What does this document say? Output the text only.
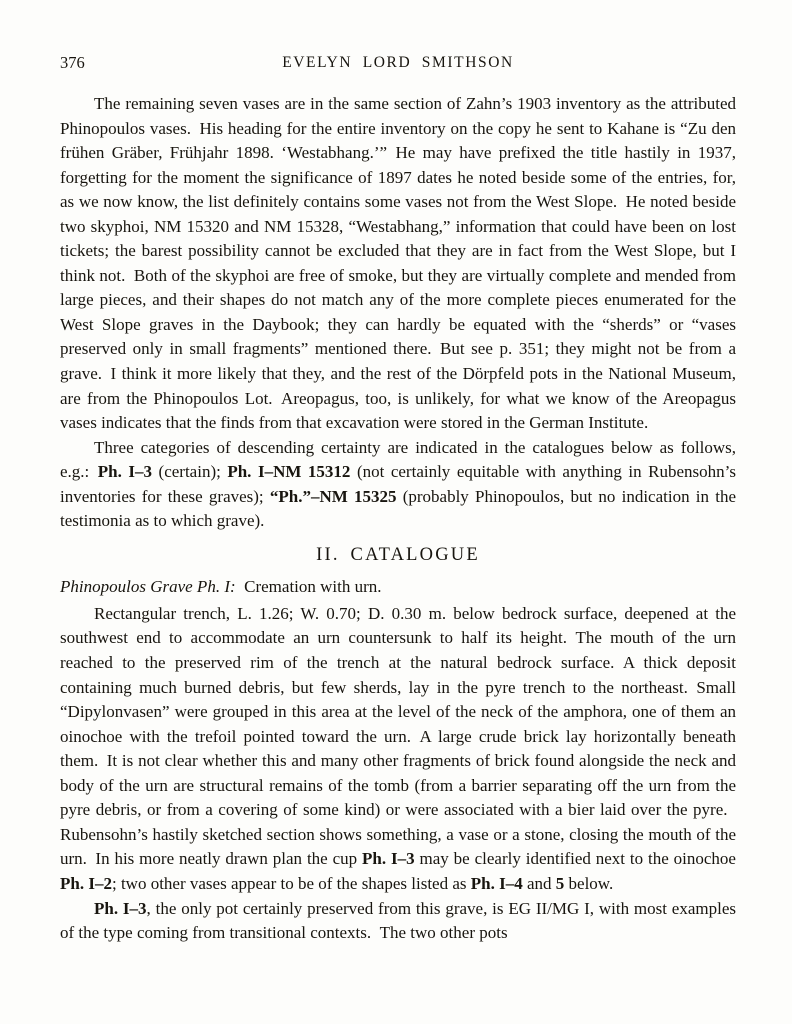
376	EVELYN LORD SMITHSON

The remaining seven vases are in the same section of Zahn’s 1903 inventory as the attributed Phinopoulos vases. His heading for the entire inventory on the copy he sent to Kahane is “Zu den frühen Gräber, Frühjahr 1898. ‘Westabhang.’” He may have prefixed the title hastily in 1937, forgetting for the moment the significance of 1897 dates he noted beside some of the entries, for, as we now know, the list definitely contains some vases not from the West Slope. He noted beside two skyphoi, NM 15320 and NM 15328, “Westabhang,” information that could have been on lost tickets; the barest possibility cannot be excluded that they are in fact from the West Slope, but I think not. Both of the skyphoi are free of smoke, but they are virtually complete and mended from large pieces, and their shapes do not match any of the more complete pieces enumerated for the West Slope graves in the Daybook; they can hardly be equated with the “sherds” or “vases preserved only in small fragments” mentioned there. But see p. 351; they might not be from a grave. I think it more likely that they, and the rest of the Dörpfeld pots in the National Museum, are from the Phinopoulos Lot. Areopagus, too, is unlikely, for what we know of the Areopagus vases indicates that the finds from that excavation were stored in the German Institute.

Three categories of descending certainty are indicated in the catalogues below as follows, e.g.: Ph. I–3 (certain); Ph. I–NM 15312 (not certainly equitable with anything in Rubensohn’s inventories for these graves); “Ph.”–NM 15325 (probably Phinopoulos, but no indication in the testimonia as to which grave).

II. CATALOGUE

Phinopoulos Grave Ph. I: Cremation with urn.

Rectangular trench, L. 1.26; W. 0.70; D. 0.30 m. below bedrock surface, deepened at the southwest end to accommodate an urn countersunk to half its height. The mouth of the urn reached to the preserved rim of the trench at the natural bedrock surface. A thick deposit containing much burned debris, but few sherds, lay in the pyre trench to the northeast. Small “Dipylonvasen” were grouped in this area at the level of the neck of the amphora, one of them an oinochoe with the trefoil pointed toward the urn. A large crude brick lay horizontally beneath them. It is not clear whether this and many other fragments of brick found alongside the neck and body of the urn are structural remains of the tomb (from a barrier separating off the urn from the pyre debris, or from a covering of some kind) or were associated with a bier laid over the pyre. Rubensohn’s hastily sketched section shows something, a vase or a stone, closing the mouth of the urn. In his more neatly drawn plan the cup Ph. I–3 may be clearly identified next to the oinochoe Ph. I–2; two other vases appear to be of the shapes listed as Ph. I–4 and 5 below.

Ph. I–3, the only pot certainly preserved from this grave, is EG II/MG I, with most examples of the type coming from transitional contexts. The two other pots
